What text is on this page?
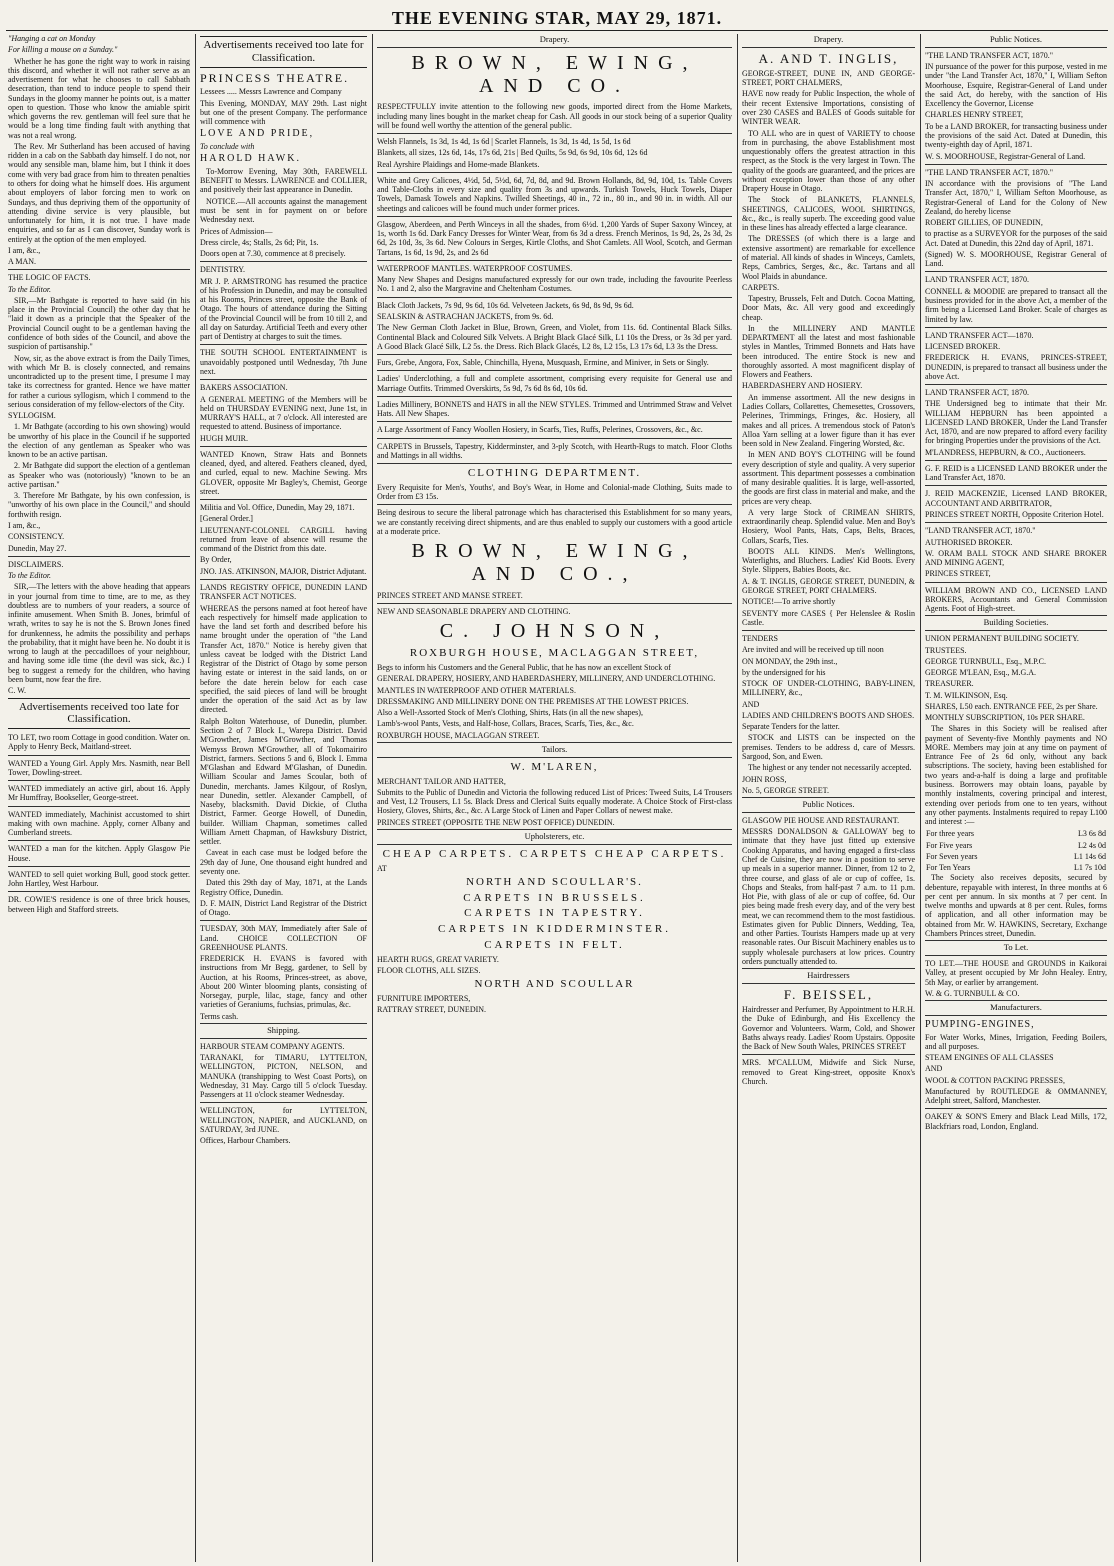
THE EVENING STAR, MAY 29, 1871.

"Hanging a cat on Monday

For killing a mouse on a Sunday."

Whether he has gone the right way to work in raising this discord, and whether it will not rather serve as an advertisement for what he chooses to call Sabbath desecration, than tend to induce people to spend their Sundays in the gloomy manner he points out, is a matter open to question. Those who know the amiable spirit which governs the rev. gentleman will feel sure that he would be a long time finding fault with anything that was not a real wrong.

The Rev. Mr Sutherland has been accused of having ridden in a cab on the Sabbath day himself. I do not, nor would any sensible man, blame him, but I think it does come with very bad grace from him to threaten penalties to others for doing what he himself does. His argument about employers of labor forcing men to work on Sundays, and thus depriving them of the opportunity of attending divine service is very plausible, but unfortunately for him, it is not true. I have made enquiries, and so far as I can discover, Sunday work is entirely at the option of the men employed.

I am, &c.,

A MAN.

THE LOGIC OF FACTS.

To the Editor.

SIR,—Mr Bathgate is reported to have said (in his place in the Provincial Council) the other day that he "laid it down as a principle that the Speaker of the Provincial Council ought to be a gentleman having the confidence of both sides of the Council, and above the suspicion of partisanship."

Now, sir, as the above extract is from the Daily Times, with which Mr B. is closely connected, and remains uncontradicted up to the present time, I presume I may take its correctness for granted. Hence we have matter for rather a curious syllogism, which I commend to the serious consideration of my fellow-electors of the City.

SYLLOGISM.

1. Mr Bathgate (according to his own showing) would be unworthy of his place in the Council if he supported the election of any gentleman as Speaker who was known to be an active partisan.

2. Mr Bathgate did support the election of a gentleman as Speaker who was (notoriously) "known to be an active partisan."

3. Therefore Mr Bathgate, by his own confession, is "unworthy of his own place in the Council," and should forthwith resign.

I am, &c.,

CONSISTENCY.

Dunedin, May 27.

DISCLAIMERS.

To the Editor.

SIR,—The letters with the above heading that appears in your journal from time to time, are to me, as they doubtless are to numbers of your readers, a source of infinite amusement. When Smith B. Jones, brimful of wrath, writes to say he is not the S. Brown Jones fined for drunkenness, he admits the possibility and perhaps the probability, that it might have been he. No doubt it is wrong to laugh at the peccadilloes of your neighbour, and having some idle time (the devil was sick, &c.) I beg to suggest a remedy for the children, who having been burnt, now fear the fire.

C. W.

Advertisements received too late for Classification.

TO LET, two room Cottage in good condition. Water on. Apply to Henry Beck, Maitland-street.

WANTED a Young Girl. Apply Mrs. Nasmith, near Bell Tower, Dowling-street.

WANTED immediately an active girl, about 16. Apply Mr Humffray, Bookseller, George-street.

WANTED immediately, Machinist accustomed to shirt making with own machine. Apply, corner Albany and Cumberland streets.

WANTED a man for the kitchen. Apply Glasgow Pie House.

WANTED to sell quiet working Bull, good stock getter. John Hartley, West Harbour.

DR. COWIE'S residence is one of three brick houses, between High and Stafford streets.

Advertisements received too late for Classification.

PRINCESS THEATRE.

Lessees ..... Messrs Lawrence and Company

This Evening, MONDAY, MAY 29th. Last night but one of the present Company. The performance will commence with

LOVE AND PRIDE,

To conclude with

HAROLD HAWK.

To-Morrow Evening, May 30th, FAREWELL BENEFIT to Messrs. LAWRENCE and COLLIER, and positively their last appearance in Dunedin.

NOTICE.—All accounts against the management must be sent in for payment on or before Wednesday next.

Prices of Admission—

Dress circle, 4s; Stalls, 2s 6d; Pit, 1s.

Doors open at 7.30, commence at 8 precisely.

DENTISTRY.

MR J. P. ARMSTRONG has resumed the practice of his Profession in Dunedin, and may be consulted at his Rooms, Princes street, opposite the Bank of Otago. The hours of attendance during the Sitting of the Provincial Council will be from 10 till 2, and all day on Saturday. Artificial Teeth and every other part of Dentistry at charges to suit the times.

THE SOUTH SCHOOL ENTERTAINMENT is unavoidably postponed until Wednesday, 7th June next.

BAKERS ASSOCIATION.

A GENERAL MEETING of the Members will be held on THURSDAY EVENING next, June 1st, in MURRAY'S HALL, at 7 o'clock. All interested are requested to attend. Business of importance.

HUGH MUIR.

WANTED Known, Straw Hats and Bonnets cleaned, dyed, and altered. Feathers cleaned, dyed, and curled, equal to new. Machine Sewing. Mrs GLOVER, opposite Mr Bagley's, Chemist, George street.

Militia and Vol. Office, Dunedin, May 29, 1871.

[General Order.]

LIEUTENANT-COLONEL CARGILL having returned from leave of absence will resume the command of the District from this date.

By Order,

JNO. JAS. ATKINSON, MAJOR, District Adjutant.

LANDS REGISTRY OFFICE, DUNEDIN LAND TRANSFER ACT NOTICES.

WHEREAS the persons named at foot hereof have each respectively for himself made application to have the land set forth and described before his name brought under the operation of "the Land Transfer Act, 1870." Notice is hereby given that unless caveat be lodged with the District Land Registrar of the District of Otago by some person having estate or interest in the said lands, on or before the date herein below for each case specified, the said pieces of land will be brought under the operation of the said Act as by law directed.

Ralph Bolton Waterhouse, of Dunedin, plumber. Section 2 of 7 Block I., Warepa District. David M'Growther, James M'Growther, and Thomas Wemyss Brown M'Growther, all of Tokomairiro District, farmers. Sections 5 and 6, Block I. Emma M'Glashan and Edward M'Glashan, of Dunedin. William Scoular and James Scoular, both of Dunedin, merchants. James Kilgour, of Roslyn, near Dunedin, settler. Alexander Campbell, of Naseby, blacksmith. David Dickie, of Clutha District, Farmer. George Howell, of Dunedin, builder. William Chapman, sometimes called William Arnett Chapman, of Hawksbury District, settler.

Caveat in each case must be lodged before the 29th day of June, One thousand eight hundred and seventy one.

Dated this 29th day of May, 1871, at the Lands Registry Office, Dunedin.

D. F. MAIN, District Land Registrar of the District of Otago.

TUESDAY, 30th MAY, Immediately after Sale of Land. CHOICE COLLECTION OF GREENHOUSE PLANTS.

FREDERICK H. EVANS is favored with instructions from Mr Begg, gardener, to Sell by Auction, at his Rooms, Princes-street, as above, About 200 Winter blooming plants, consisting of Norsegay, purple, lilac, stage, fancy and other varieties of Geraniums, fuchsias, primulas, &c.

Terms cash.

Shipping.

HARBOUR STEAM COMPANY AGENTS.

TARANAKI, for TIMARU, LYTTELTON, WELLINGTON, PICTON, NELSON, and MANUKA (transhipping to West Coast Ports), on Wednesday, 31 May. Cargo till 5 o'clock Tuesday. Passengers at 11 o'clock steamer Wednesday.

WELLINGTON, for LYTTELTON, WELLINGTON, NAPIER, and AUCKLAND, on SATURDAY, 3rd JUNE.

Offices, Harbour Chambers.

Drapery.
BROWN, EWING, AND CO.

RESPECTFULLY invite attention to the following new goods, imported direct from the Home Markets, including many lines bought in the market cheap for Cash. All goods in our stock being of a superior Quality will be found well worthy the attention of the general public.

Welsh Flannels, 1s 3d, 1s 4d, 1s 6d | Scarlet Flannels, 1s 3d, 1s 4d, 1s 5d, 1s 6d

Blankets, all sizes, 12s 6d, 14s, 17s 6d, 21s | Bed Quilts, 5s 9d, 6s 9d, 10s 6d, 12s 6d

Real Ayrshire Plaidings and Home-made Blankets.

White and Grey Calicoes, 4½d, 5d, 5½d, 6d, 7d, 8d, and 9d. Brown Hollands, 8d, 9d, 10d, 1s. Table Covers and Table-Cloths in every size and quality from 3s and upwards. Turkish Towels, Huck Towels, Diaper Towels, Damask Towels and Napkins. Twilled Sheetings, 40 in., 72 in., 80 in., and 90 in. in width. All our sheetings and calicoes will be found much under former prices.

Glasgow, Aberdeen, and Perth Winceys in all the shades, from 6½d. 1,200 Yards of Super Saxony Wincey, at 1s, worth 1s 6d. Dark Fancy Dresses for Winter Wear, from 6s 3d a dress. French Merinos, 1s 9d, 2s, 2s 3d, 2s 6d, 2s 10d, 3s, 3s 6d. New Colours in Serges, Kirtle Cloths, and Shot Camlets. All Wool, Scotch, and German Tartans, 1s 6d, 1s 9d, 2s, and 2s 6d

WATERPROOF MANTLES. WATERPROOF COSTUMES.

Many New Shapes and Designs manufactured expressly for our own trade, including the favourite Peerless No. 1 and 2, also the Margravine and Cheltenham Costumes.

Black Cloth Jackets, 7s 9d, 9s 6d, 10s 6d. Velveteen Jackets, 6s 9d, 8s 9d, 9s 6d.

SEALSKIN & ASTRACHAN JACKETS, from 9s. 6d.

The New German Cloth Jacket in Blue, Brown, Green, and Violet, from 11s. 6d. Continental Black Silks. Continental Black and Coloured Silk Velvets. A Bright Black Glacé Silk, L1 10s the Dress, or 3s 3d per yard. A Good Black Glacé Silk, L2 5s. the Dress. Rich Black Glacés, L2 8s, L2 15s, L3 17s 6d, L3 3s the Dress.

Furs, Grebe, Angora, Fox, Sable, Chinchilla, Hyena, Musquash, Ermine, and Miniver, in Sets or Singly.

Ladies' Underclothing, a full and complete assortment, comprising every requisite for General use and Marriage Outfits. Trimmed Overskirts, 5s 9d, 7s 6d 8s 6d, 10s 6d.

Ladies Millinery, BONNETS and HATS in all the NEW STYLES. Trimmed and Untrimmed Straw and Velvet Hats. All New Shapes.

A Large Assortment of Fancy Woollen Hosiery, in Scarfs, Ties, Ruffs, Pelerines, Crossovers, &c., &c.

CARPETS in Brussels, Tapestry, Kidderminster, and 3-ply Scotch, with Hearth-Rugs to match. Floor Cloths and Mattings in all widths.

CLOTHING DEPARTMENT.

Every Requisite for Men's, Youths', and Boy's Wear, in Home and Colonial-made Clothing, Suits made to Order from £3 15s.

Being desirous to secure the liberal patronage which has characterised this Establishment for so many years, we are constantly receiving direct shipments, and are thus enabled to supply our customers with a good article at a moderate price.

BROWN, EWING, AND CO.,

PRINCES STREET AND MANSE STREET.

NEW AND SEASONABLE DRAPERY AND CLOTHING.

C. JOHNSON,
ROXBURGH HOUSE, MACLAGGAN STREET,

Begs to inform his Customers and the General Public, that he has now an excellent Stock of

GENERAL DRAPERY, HOSIERY, AND HABERDASHERY, MILLINERY, AND UNDERCLOTHING.

MANTLES IN WATERPROOF AND OTHER MATERIALS.

DRESSMAKING AND MILLINERY DONE ON THE PREMISES AT THE LOWEST PRICES.

Also a Well-Assorted Stock of Men's Clothing, Shirts, Hats (in all the new shapes),

Lamb's-wool Pants, Vests, and Half-hose, Collars, Braces, Scarfs, Ties, &c., &c.

ROXBURGH HOUSE, MACLAGGAN STREET.

Tailors.
W. M'LAREN,

MERCHANT TAILOR AND HATTER,

Submits to the Public of Dunedin and Victoria the following reduced List of Prices: Tweed Suits, L4 Trousers and Vest, L2 Trousers, L1 5s. Black Dress and Clerical Suits equally moderate. A Choice Stock of First-class Hosiery, Gloves, Shirts, &c., &c. A Large Stock of Linen and Paper Collars of newest make.

PRINCES STREET (OPPOSITE THE NEW POST OFFICE) DUNEDIN.

Upholsterers, etc.
CHEAP CARPETS. CARPETS CHEAP CARPETS.

AT

NORTH AND SCOULLAR'S.
CARPETS IN BRUSSELS.
CARPETS IN TAPESTRY.
CARPETS IN KIDDERMINSTER.
CARPETS IN FELT.

HEARTH RUGS, GREAT VARIETY.

FLOOR CLOTHS, ALL SIZES.

NORTH AND SCOULLAR

FURNITURE IMPORTERS,

RATTRAY STREET, DUNEDIN.

Drapery.
A. AND T. INGLIS,

GEORGE-STREET, DUNE IN, AND GEORGE-STREET, PORT CHALMERS,

HAVE now ready for Public Inspection, the whole of their recent Extensive Importations, consisting of over 230 CASES and BALES of Goods suitable for WINTER WEAR.

TO ALL who are in quest of VARIETY to choose from in purchasing, the above Establishment most unquestionably offers the greatest attraction in this respect, as the Stock is the very largest in Town. The quality of the goods are guaranteed, and the prices are without exception lower than those of any other Drapery House in Otago.

The Stock of BLANKETS, FLANNELS, SHEETINGS, CALICOES, WOOL SHIRTINGS, &c., &c., is really superb. The exceeding good value in these lines has already effected a large clearance.

The DRESSES (of which there is a large and extensive assortment) are remarkable for excellence of material. All kinds of shades in Winceys, Camlets, Reps, Cambrics, Serges, &c., &c. Tartans and all Wool Plaids in abundance.

CARPETS.

Tapestry, Brussels, Felt and Dutch. Cocoa Matting, Door Mats, &c. All very good and exceedingly cheap.

In the MILLINERY AND MANTLE DEPARTMENT all the latest and most fashionable styles in Mantles, Trimmed Bonnets and Hats have been introduced. The entire Stock is new and thoroughly assorted. A most magnificent display of Flowers and Feathers.

HABERDASHERY AND HOSIERY.

An immense assortment. All the new designs in Ladies Collars, Collarettes, Chemesettes, Crossovers, Pelerines, Trimmings, Fringes, &c. Hosiery, all makes and all prices. A tremendous stock of Paton's Alloa Yarn selling at a lower figure than it has ever been sold in New Zealand. Fingering Worsted, &c.

In MEN AND BOY'S CLOTHING will be found every description of style and quality. A very superior assortment. This department possesses a combination of many desirable qualities. It is large, well-assorted, the goods are first class in material and make, and the prices are very cheap.

A very large Stock of CRIMEAN SHIRTS, extraordinarily cheap. Splendid value. Men and Boy's Hosiery, Wool Pants, Hats, Caps, Belts, Braces, Collars, Scarfs, Ties.

BOOTS ALL KINDS. Men's Wellingtons, Waterlights, and Bluchers. Ladies' Kid Boots. Every Style. Slippers, Babies Boots, &c.

A. & T. INGLIS, GEORGE STREET, DUNEDIN, & GEORGE STREET, PORT CHALMERS.

NOTICE!—To arrive shortly

SEVENTY more CASES { Per Helenslee & Roslin Castle.

TENDERS

Are invited and will be received up till noon

ON MONDAY, the 29th inst.,

by the undersigned for his

STOCK OF UNDER-CLOTHING, BABY-LINEN, MILLINERY, &c.,

AND

LADIES AND CHILDREN'S BOOTS AND SHOES.

Separate Tenders for the latter.

STOCK and LISTS can be inspected on the premises. Tenders to be address d, care of Messrs. Sargood, Son, and Ewen.

The highest or any tender not necessarily accepted.

JOHN ROSS,

No. 5, GEORGE STREET.

Public Notices.

GLASGOW PIE HOUSE AND RESTAURANT.

MESSRS DONALDSON & GALLOWAY beg to intimate that they have just fitted up extensive Cooking Apparatus, and having engaged a first-class Chef de Cuisine, they are now in a position to serve up meals in a superior manner. Dinner, from 12 to 2, three course, and glass of ale or cup of coffee, 1s. Chops and Steaks, from half-past 7 a.m. to 11 p.m. Hot Pie, with glass of ale or cup of coffee, 6d. Our pies being made fresh every day, and of the very best meat, we can recommend them to the most fastidious. Estimates given for Public Dinners, Wedding, Tea, and other Parties. Tourists Hampers made up at very reasonable rates. Our Biscuit Machinery enables us to supply wholesale purchasers at low prices. Country orders punctually attended to.

Hairdressers
F. BEISSEL,

Hairdresser and Perfumer, By Appointment to H.R.H. the Duke of Edinburgh, and His Excellency the Governor and Volunteers. Warm, Cold, and Shower Baths always ready. Ladies' Room Upstairs. Opposite the Back of New South Wales, PRINCES STREET

MRS. M'CALLUM, Midwife and Sick Nurse, removed to Great King-street, opposite Knox's Church.

Public Notices.

"THE LAND TRANSFER ACT, 1870."

IN pursuance of the power for this purpose, vested in me under "the Land Transfer Act, 1870," I, William Sefton Moorhouse, Esquire, Registrar-General of Land under the said Act, do hereby, with the sanction of His Excellency the Governor, License

CHARLES HENRY STREET,

To be a LAND BROKER, for transacting business under the provisions of the said Act. Dated at Dunedin, this twenty-eighth day of April, 1871.

W. S. MOORHOUSE, Registrar-General of Land.

"THE LAND TRANSFER ACT, 1870."

IN accordance with the provisions of "The Land Transfer Act, 1870," I, William Sefton Moorhouse, as Registrar-General of Land for the Colony of New Zealand, do hereby license

ROBERT GILLIES, OF DUNEDIN,

to practise as a SURVEYOR for the purposes of the said Act. Dated at Dunedin, this 22nd day of April, 1871.

(Signed) W. S. MOORHOUSE, Registrar General of Land.

LAND TRANSFER ACT, 1870.

CONNELL & MOODIE are prepared to transact all the business provided for in the above Act, a member of the firm being a Licensed Land Broker. Scale of charges as limited by law.

LAND TRANSFER ACT—1870.

LICENSED BROKER.

FREDERICK H. EVANS, PRINCES-STREET, DUNEDIN, is prepared to transact all business under the above Act.

LAND TRANSFER ACT, 1870.

THE Undersigned beg to intimate that their Mr. WILLIAM HEPBURN has been appointed a LICENSED LAND BROKER, Under the Land Transfer Act, 1870, and are now prepared to afford every facility for bringing Properties under the provisions of the Act.

M'LANDRESS, HEPBURN, & CO., Auctioneers.

G. F. REID is a LICENSED LAND BROKER under the Land Transfer Act, 1870.

J. REID MACKENZIE, Licensed LAND BROKER, ACCOUNTANT AND ARBITRATOR,

PRINCES STREET NORTH, Opposite Criterion Hotel.

"LAND TRANSFER ACT, 1870."

AUTHORISED BROKER.

W. ORAM BALL STOCK AND SHARE BROKER AND MINING AGENT,

PRINCES STREET,

WILLIAM BROWN AND CO., LICENSED LAND BROKERS, Accountants and General Commission Agents. Foot of High-street.

Building Societies.

UNION PERMANENT BUILDING SOCIETY.

TRUSTEES.

GEORGE TURNBULL, Esq., M.P.C.

GEORGE M'LEAN, Esq., M.G.A.

TREASURER.

T. M. WILKINSON, Esq.

SHARES, L50 each. ENTRANCE FEE, 2s per Share.

MONTHLY SUBSCRIPTION, 10s PER SHARE.

The Shares in this Society will be realised after payment of Seventy-five Monthly payments and NO MORE. Members may join at any time on payment of Entrance Fee of 2s 6d only, without any back subscriptions. The society, having been established for two years and-a-half is doing a large and profitable business. Borrowers may obtain loans, payable by monthly instalments, covering principal and interest, extending over periods from one to ten years, without any other payments. Instalments required to repay L100 and interest :—

For three years	L3 6s 8d
For Five years	L2 4s 0d
For Seven years	L1 14s 6d
For Ten Years	L1 7s 10d

The Society also receives deposits, secured by debenture, repayable with interest, In three months at 6 per cent per annum. In six months at 7 per cent. In twelve months and upwards at 8 per cent. Rules, forms of application, and all other information may be obtained from Mr. W. HAWKINS, Secretary, Exchange Chambers Princes street, Dunedin.

To Let.

TO LET.—THE HOUSE and GROUNDS in Kaikorai Valley, at present occupied by Mr John Healey. Entry, 5th May, or earlier by arrangement.

W. & G. TURNBULL & CO.

Manufacturers.

PUMPING-ENGINES,

For Water Works, Mines, Irrigation, Feeding Boilers, and all purposes.

STEAM ENGINES OF ALL CLASSES

AND

WOOL & COTTON PACKING PRESSES,

Manufactured by ROUTLEDGE & OMMANNEY, Adelphi street, Salford, Manchester.

OAKEY & SON'S Emery and Black Lead Mills, 172, Blackfriars road, London, England.
